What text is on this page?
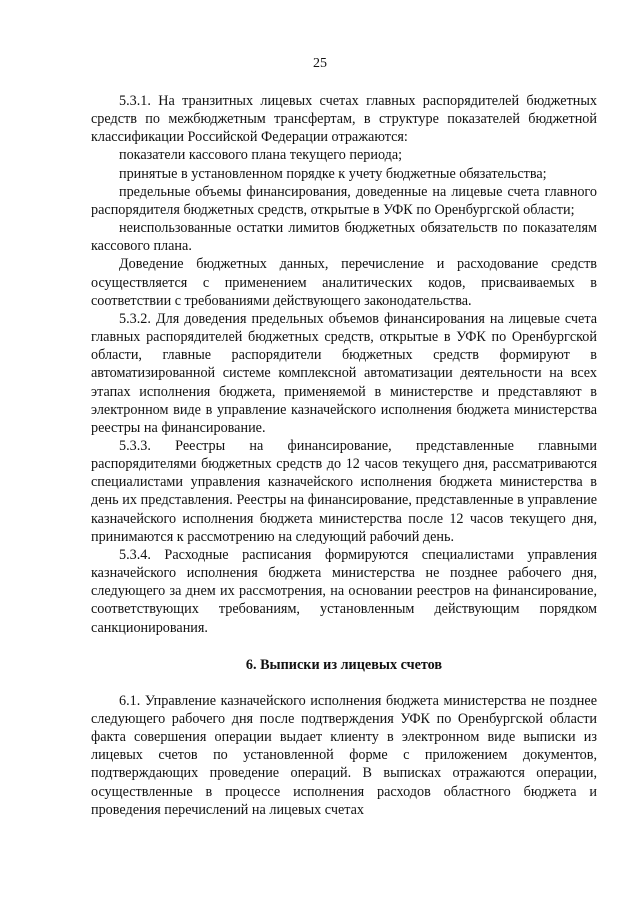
25

5.3.1. На транзитных лицевых счетах главных распорядителей бюджетных средств по межбюджетным трансфертам, в структуре показателей бюджетной классификации Российской Федерации отражаются:

показатели кассового плана текущего периода;

принятые в установленном порядке к учету бюджетные обязательства;

предельные объемы финансирования, доведенные на лицевые счета главного распорядителя бюджетных средств, открытые в УФК по Оренбургской области;

неиспользованные остатки лимитов бюджетных обязательств по показателям кассового плана.

Доведение бюджетных данных, перечисление и расходование средств осуществляется с применением аналитических кодов, присваиваемых в соответствии с требованиями действующего законодательства.

5.3.2. Для доведения предельных объемов финансирования на лицевые счета главных распорядителей бюджетных средств, открытые в УФК по Оренбургской области, главные распорядители бюджетных средств формируют в автоматизированной системе комплексной автоматизации деятельности на всех этапах исполнения бюджета, применяемой в министерстве и представляют в электронном виде в управление казначейского исполнения бюджета министерства реестры на финансирование.

5.3.3. Реестры на финансирование, представленные главными распорядителями бюджетных средств до 12 часов текущего дня, рассматриваются специалистами управления казначейского исполнения бюджета министерства в день их представления. Реестры на финансирование, представленные в управление казначейского исполнения бюджета министерства после 12 часов текущего дня, принимаются к рассмотрению на следующий рабочий день.

5.3.4. Расходные расписания формируются специалистами управления казначейского исполнения бюджета министерства не позднее рабочего дня, следующего за днем их рассмотрения, на основании реестров на финансирование, соответствующих требованиям, установленным действующим порядком санкционирования.

6. Выписки из лицевых счетов

6.1. Управление казначейского исполнения бюджета министерства не позднее следующего рабочего дня после подтверждения УФК по Оренбургской области факта совершения операции выдает клиенту в электронном виде выписки из лицевых счетов по установленной форме с приложением документов, подтверждающих проведение операций. В выписках отражаются операции, осуществленные в процессе исполнения расходов областного бюджета и проведения перечислений на лицевых счетах
